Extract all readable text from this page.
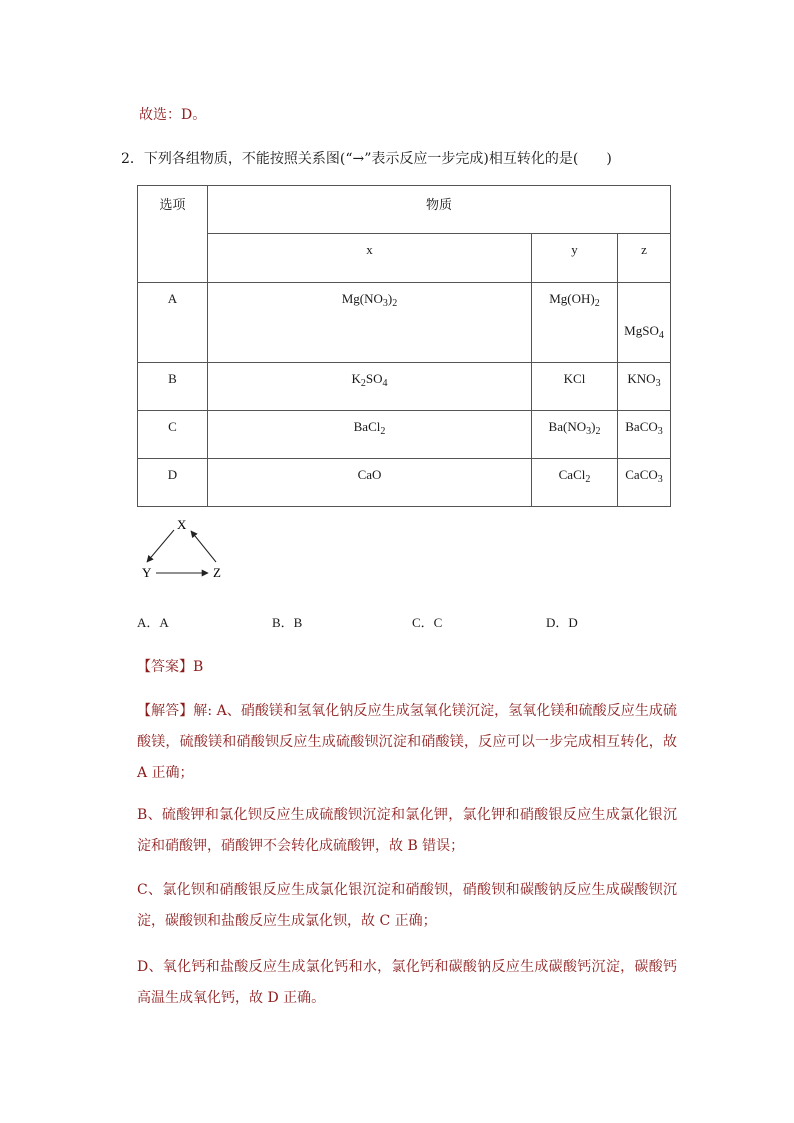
故选：D。
2．下列各组物质，不能按照关系图(“→”表示反应一步完成)相互转化的是(　　)
选项	物质		
	x	y	z
A	$Mg(NO_3)_2$	$Mg(OH)_2$	MgSO$_4$
B	$K_2SO_4$	KCl	$KNO_3$
C	BaCl$_2$	$Ba(NO_3)_2$	BaCO$_3$
D	CaO	CaCl$_2$	CaCO$_3$
X
Y	Z
A．A	B．B	C．C	D．D
【答案】B

【解答】解: A、硝酸镁和氢氧化钠反应生成氢氧化镁沉淀，氢氧化镁和硫酸反应生成硫酸镁，硫酸镁和硝酸钡反应生成硫酸钡沉淀和硝酸镁，反应可以一步完成相互转化，故 A 正确；

B、硫酸钾和氯化钡反应生成硫酸钡沉淀和氯化钾，氯化钾和硝酸银反应生成氯化银沉淀和硝酸钾，硝酸钾不会转化成硫酸钾，故 B 错误；

C、氯化钡和硝酸银反应生成氯化银沉淀和硝酸钡，硝酸钡和碳酸钠反应生成碳酸钡沉淀，碳酸钡和盐酸反应生成氯化钡，故 C 正确；

D、氧化钙和盐酸反应生成氯化钙和水，氯化钙和碳酸钠反应生成碳酸钙沉淀，碳酸钙高温生成氧化钙，故 D 正确。
